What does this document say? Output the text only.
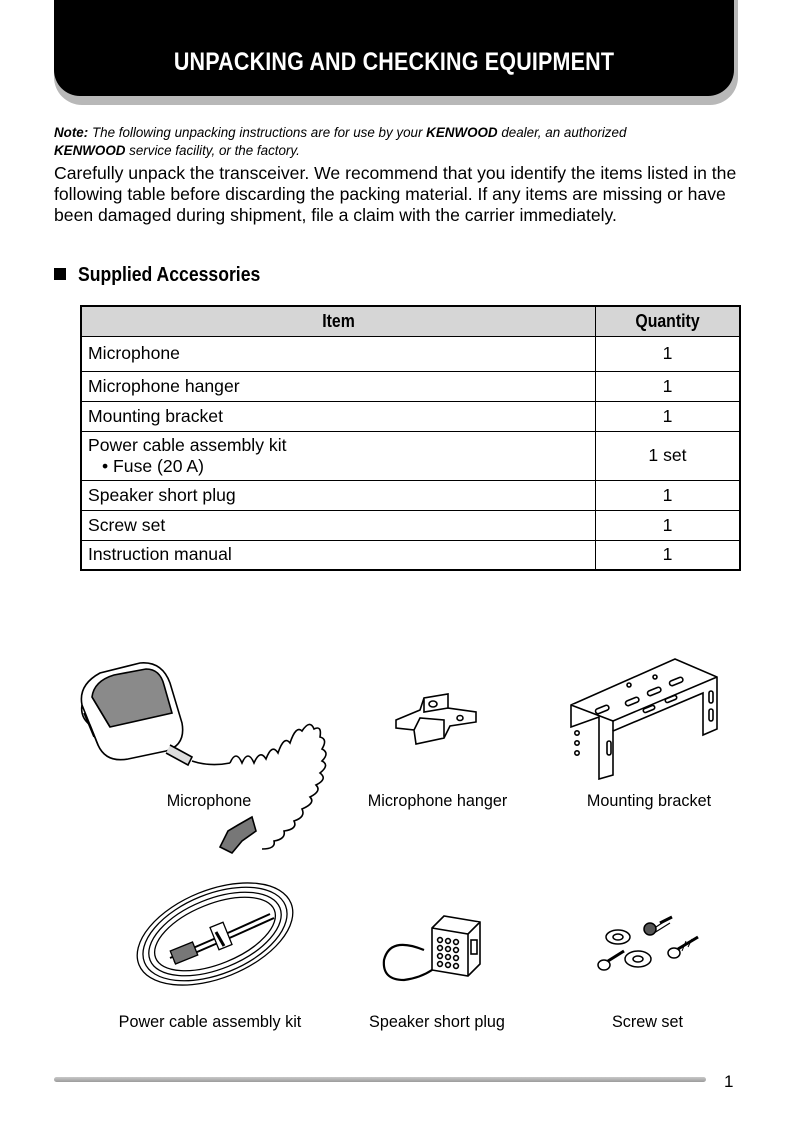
UNPACKING AND CHECKING EQUIPMENT
Note: The following unpacking instructions are for use by your KENWOOD dealer, an authorized
KENWOOD service facility, or the factory.
Carefully unpack the transceiver. We recommend that you identify the items listed in the following table before discarding the packing material. If any items are missing or have been damaged during shipment, file a claim with the carrier immediately.
Supplied Accessories
Item	Quantity
Microphone	1
Microphone hanger	1
Mounting bracket	1

Power cable assembly kit
• Fuse (20 A)	1 set
Speaker short plug	1
Screw set	1
Instruction manual	1
Microphone	Microphone hanger	Mounting bracket
Power cable assembly kit	Speaker short plug	Screw set
1
